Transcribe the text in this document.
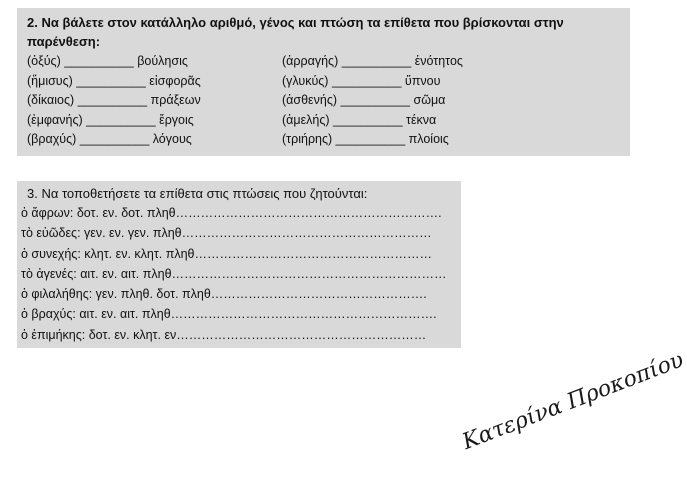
2. Να βάλετε στον κατάλληλο αριθμό, γένος και πτώση τα επίθετα που βρίσκονται στην παρένθεση:

(ὀξύς) __________ βούλησις	(ἀρραγής) __________ ἑνότητος
(ἥμισυς) __________ εἰσφορᾶς	(γλυκύς) __________ ὕπνου
(δίκαιος) __________ πράξεων	(ἀσθενής) __________ σῶμα
(ἐμφανής) __________ ἔργοις	(ἀμελής) __________ τέκνα
(βραχύς) __________ λόγους	(τριήρης) __________ πλοίοις

3. Να τοποθετήσετε τα επίθετα στις πτώσεις που ζητούνται:

ὁ ἄφρων: δοτ. εν. δοτ. πληθ……………………………………………………….
τὸ εὐῶδες: γεν. εν. γεν. πληθ……………………………………………………
ὁ συνεχής: κλητ. εν. κλητ. πληθ…………………………………………………
τὸ ἀγενές: αιτ. εν. αιτ. πληθ…………………………………………………………
ὁ φιλαλήθης: γεν. πληθ. δοτ. πληθ…………………………………………….
ὁ βραχύς: αιτ. εν. αιτ. πληθ……………………………………………………….
ὁ ἐπιμήκης: δοτ. εν. κλητ. εν……………………………………………………
Κατερίνα Προκοπίου
